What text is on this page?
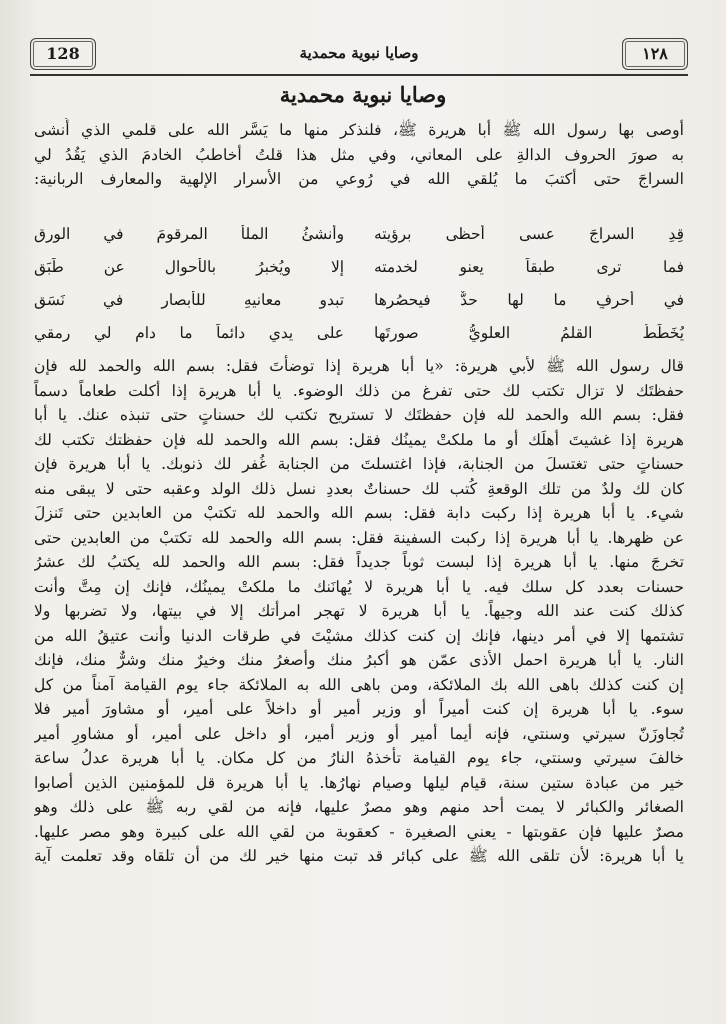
١٢٨
وصايا نبوية محمدية
128
وصايا نبوية محمدية
أوصى بها رسول الله ﷺ أبا هريرة ﷺ، فلنذكر منها ما يَسَّر الله على قلمي الذي أُنشى
به صورَ الحروف الدالةِ على المعاني، وفي مثل هذا قلتُ أخاطبُ الخادمَ الذي يَقُدُ لي
السراجَ حتى أكتبَ ما يُلقي الله في رُوعي من الأسرار الإلهية والمعارف الربانية:
قِدِ السراجَ عسى أحظى برؤيته
وأنشئُ الملأ المرقومَ في الورقِ
فما ترى طبقاً يعنو لخدمته
إلا ويُخبرُ بالأحوالِ عن طَبَقِ
في أحرفٍ ما لها حدٌّ فيحصُرها
تبدو معانيهِ للأبصارِ في نَسَقِ
يُخَطِّطُ القلمُ العلويُّ صورتَها
على يدي دائماً ما دام لي رمقي
قال رسول الله ﷺ لأبي هريرة: «يا أبا هريرة إذا توضأتَ فقل: بسم الله والحمد لله فإن
حفظتَك لا تزال تكتب لك حتى تفرغ من ذلك الوضوء. يا أبا هريرة إذا أكلت طعاماً دسماً
فقل: بسم الله والحمد لله فإن حفظتَك لا تستريح تكتب لك حسناتٍ حتى تنبذه عنك. يا أبا
هريرة إذا غشيتَ أهلَك أو ما ملكتْ يمينُك فقل: بسم الله والحمد لله فإن حفظتك تكتب لك
حسناتٍ حتى تغتسلَ من الجنابة، فإذا اغتسلتَ من الجنابة غُفر لك ذنوبك. يا أبا هريرة فإن
كان لك ولدٌ من تلك الوقعةِ كُتب لك حسناتٌ بعددِ نسل ذلك الولد وعقبه حتى لا يبقى منه
شيء. يا أبا هريرة إذا ركبت دابة فقل: بسم الله والحمد لله تكتبْ من العابدين حتى تَنزلَ
عن ظهرها. يا أبا هريرة إذا ركبت السفينة فقل: بسم الله والحمد لله تكتبْ من العابدين حتى
تخرجَ منها. يا أبا هريرة إذا لبست ثوباً جديداً فقل: بسم الله والحمد لله يكتبُ لك عشرُ
حسنات بعدد كل سلك فيه. يا أبا هريرة لا يُهانَنك ما ملكتْ يمينُك، فإنك إن مِتَّ وأنت
كذلك كنت عند الله وجيهاً. يا أبا هريرة لا تهجر امرأتك إلا في بيتها، ولا تضربها ولا
تشتمها إلا في أمر دينها، فإنك إن كنت كذلك مشيْتَ في طرقات الدنيا وأنت عتيقُ الله من
النار. يا أبا هريرة احمل الأذى عمّن هو أكبرُ منك وأصغرُ منك وخيرٌ منك وشرٌّ منك، فإنك
إن كنت كذلك باهى الله بك الملائكة، ومن باهى الله به الملائكة جاء يوم القيامة آمناً من كل
سوء. يا أبا هريرة إن كنت أميراً أو وزير أمير أو داخلاً على أمير، أو مشاورَ أمير فلا
تُجاوزَنّ سيرتي وسنتي، فإنه أيما أمير أو وزير أمير، أو داخل على أمير، أو مشاورِ أمير
خالفَ سيرتي وسنتي، جاء يوم القيامة تأخذهُ النارُ من كل مكان. يا أبا هريرة عدلُ ساعة
خير من عبادة ستين سنة، قيام ليلها وصيام نهارُها. يا أبا هريرة قل للمؤمنين الذين أصابوا
الصغائر والكبائر لا يمت أحد منهم وهو مصرٌ عليها، فإنه من لقي ربه ﷺ على ذلك وهو
مصرٌ عليها فإن عقوبتها - يعني الصغيرة - كعقوبة من لقي الله على كبيرة وهو مصر عليها.
يا أبا هريرة: لأن تلقى الله ﷺ على كبائر قد تبت منها خير لك من أن تلقاه وقد تعلمت آية
